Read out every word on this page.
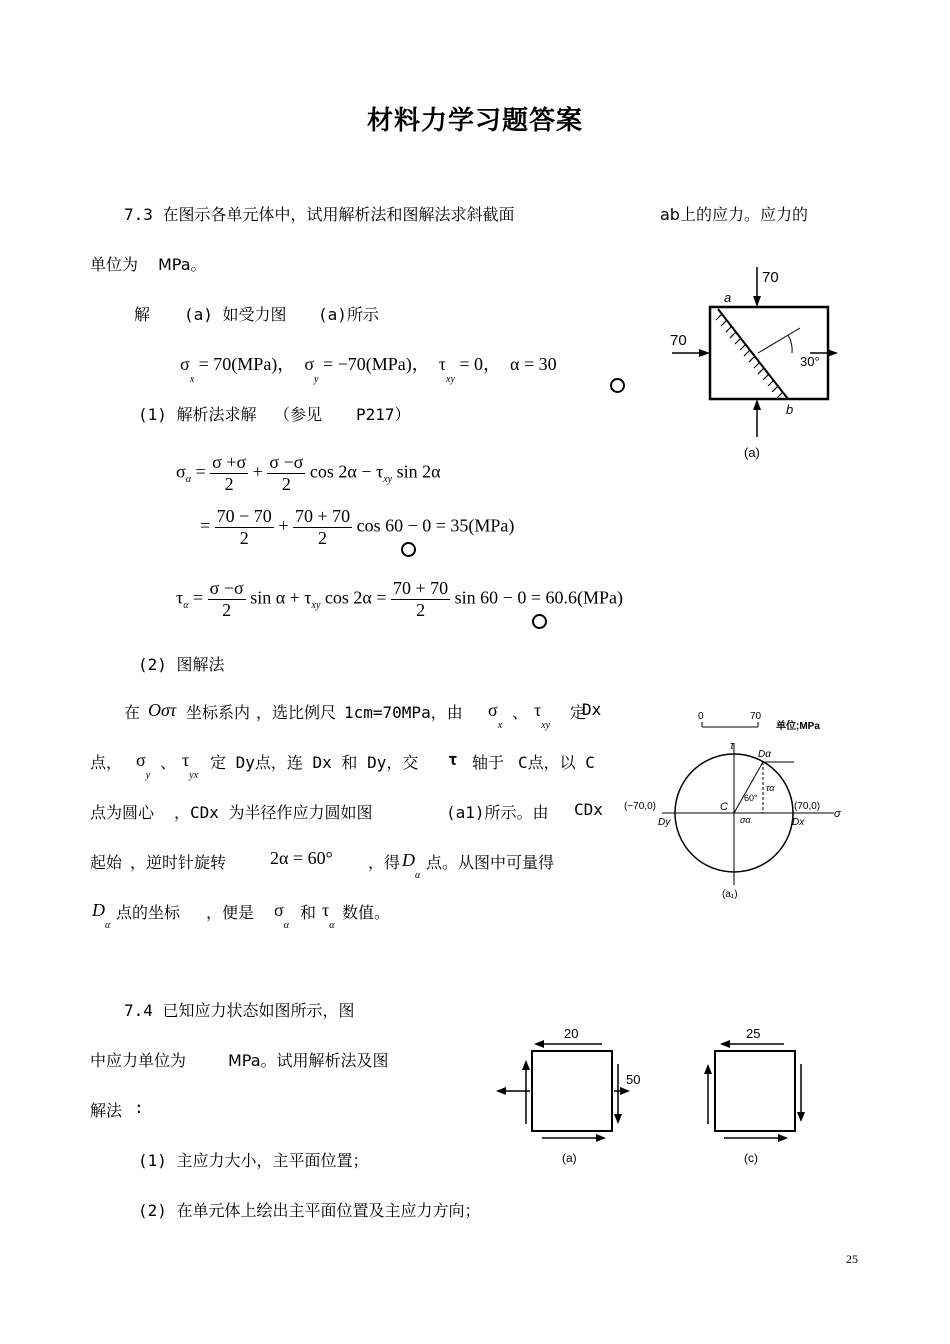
材料力学习题答案
7.3 在图示各单元体中，试用解析法和图解法求斜截面	ab上的应力。应力的
单位为 MPa。
解 (a) 如受力图 (a)所示
$\sigma_x = 70(MPa)$， $\sigma_y = -70(MPa)$， $\tau_{xy} = 0$， α = 30
(1) 解析法求解 （参见 P217）
$\sigma_\alpha = \frac{\sigma +\sigma}{2} + \frac{\sigma -\sigma}{2}$ $\cos 2\alpha - \tau_{xy}$ sin 2α
= $\frac{70 - 70}{2} + \frac{70 + 70}{2}$ cos 60 − 0 = 35(MPa)
$\tau_\alpha = \frac{\sigma -\sigma}{2}$ $\sin \alpha + \tau_{xy}$ $\cos 2\alpha = \frac{70 + 70}{2}$ sin 60 − 0 = 60.6(MPa)
(2) 图解法
在 Oστ 坐标系内 ，选比例尺 1cm=70MPa，由 $\sigma_x$
、 $\tau_{xy}$
定
Dx
点， $\sigma_y$
、 $\tau_{yx}$
定 Dy点，连 Dx 和 Dy，交 τ 轴于 C点，以 C
点为圆心 ，CDx 为半径作应力圆如图	(a1)所示。由 CDx
起始 ，逆时针旋转 2α = 60° ，得 $D_\alpha$
点。从图中可量得
$D_\alpha$
点的坐标 ，便是 $\sigma_\alpha$
和 $\tau_\alpha$
数值。
7.4 已知应力状态如图所示，图
中应力单位为	MPa。试用解析法及图
解法 :
(1) 主应力大小，主平面位置；
(2) 在单元体上绘出主平面位置及主应力方向；
70
70
30°
a
b
(a)
0	70
单位;MPa
τ
σ
C
Dα
Dx
Dy
(−70,0)	(70,0)
60°
τα
σα
(a₁)
20
50
(a)
25
(c)
25
